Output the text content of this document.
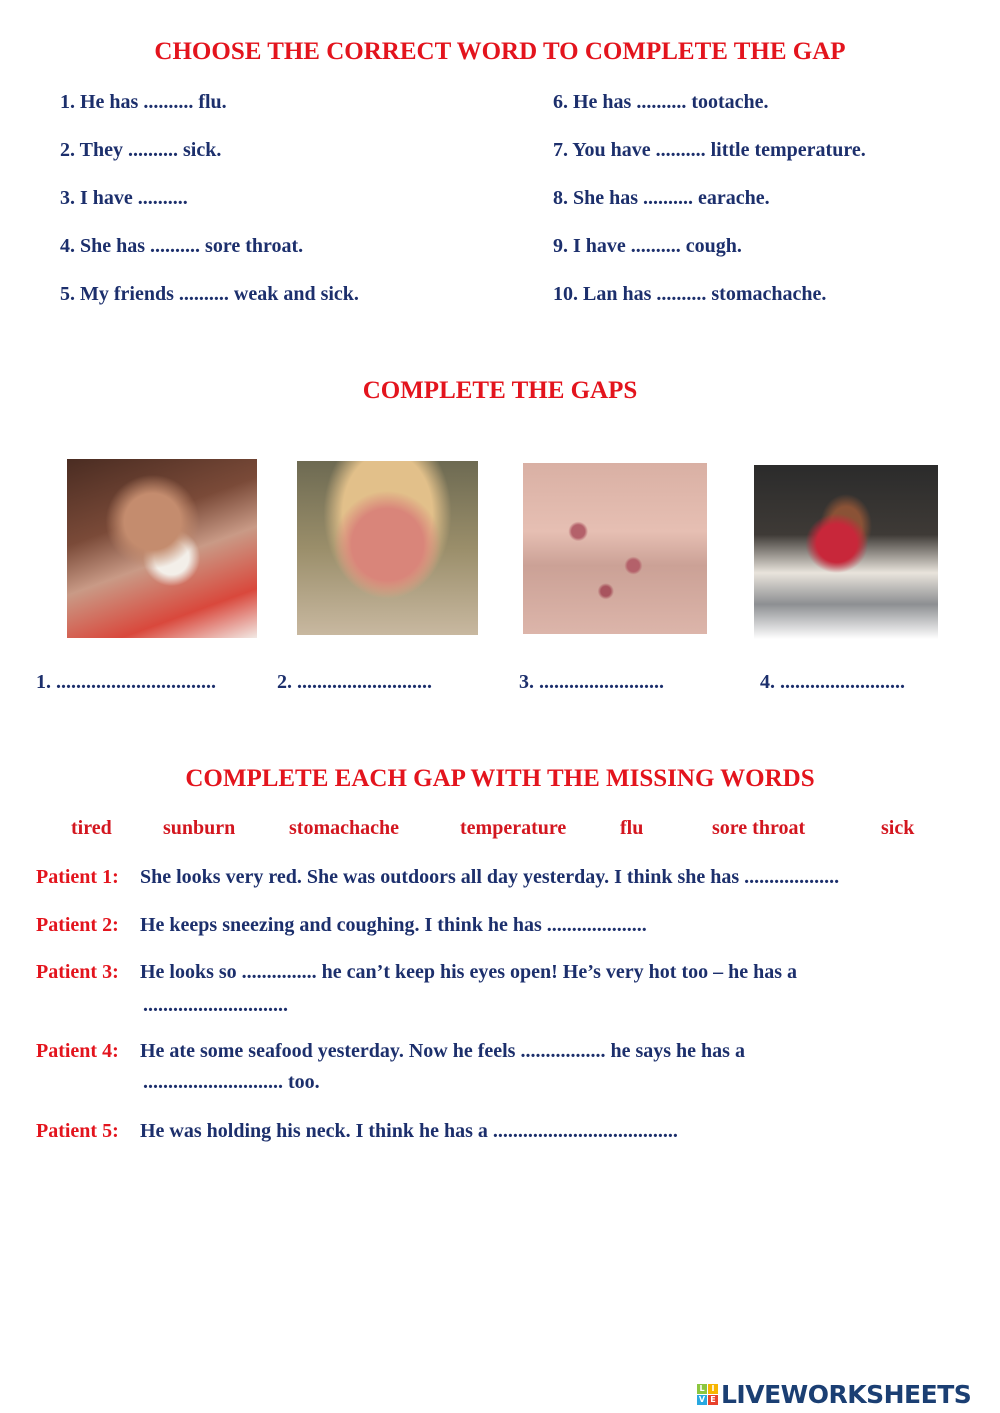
CHOOSE THE CORRECT WORD TO COMPLETE THE GAP
1. He has .......... flu.
2. They .......... sick.
3. I have ..........
4. She has .......... sore throat.
5. My friends .......... weak and sick.
6. He has .......... tootache.
7. You have .......... little temperature.
8. She has .......... earache.
9. I have .......... cough.
10. Lan has .......... stomachache.
COMPLETE THE GAPS
1. ................................	2. ...........................	3. .........................	4. .........................
COMPLETE EACH GAP WITH THE MISSING WORDS
tired	sunburn	stomachache	temperature	flu	sore throat	sick
Patient 1: She looks very red. She was outdoors all day yesterday. I think she has ...................
Patient 2: He keeps sneezing and coughing. I think he has ....................
Patient 3: He looks so ............... he can’t keep his eyes open! He’s very hot too – he has a
.............................
Patient 4: He ate some seafood yesterday. Now he feels ................. he says he has a
............................ too.
Patient 5: He was holding his neck. I think he has a .....................................
L I
V E LIVEWORKSHEETS
